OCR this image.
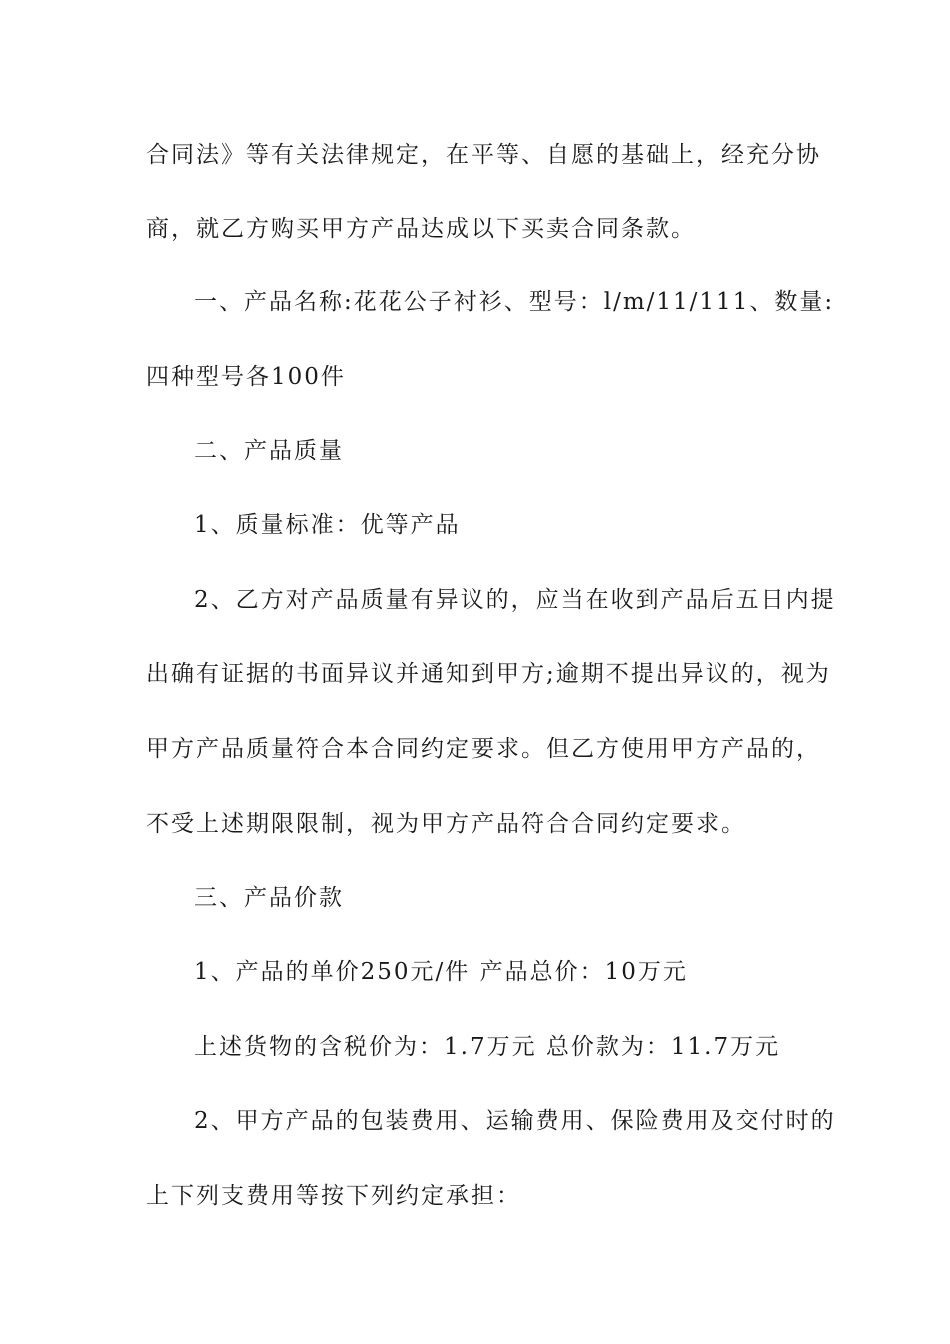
合同法》等有关法律规定，在平等、自愿的基础上，经充分协
商，就乙方购买甲方产品达成以下买卖合同条款。
一、产品名称:花花公子衬衫、型号：l/m/11/111、数量:
四种型号各100件
二、产品质量
1、质量标准：优等产品
2、乙方对产品质量有异议的，应当在收到产品后五日内提
出确有证据的书面异议并通知到甲方;逾期不提出异议的，视为
甲方产品质量符合本合同约定要求。但乙方使用甲方产品的，
不受上述期限限制，视为甲方产品符合合同约定要求。
三、产品价款
1、产品的单价250元/件 产品总价：10万元
上述货物的含税价为：1.7万元 总价款为：11.7万元
2、甲方产品的包装费用、运输费用、保险费用及交付时的
上下列支费用等按下列约定承担：
